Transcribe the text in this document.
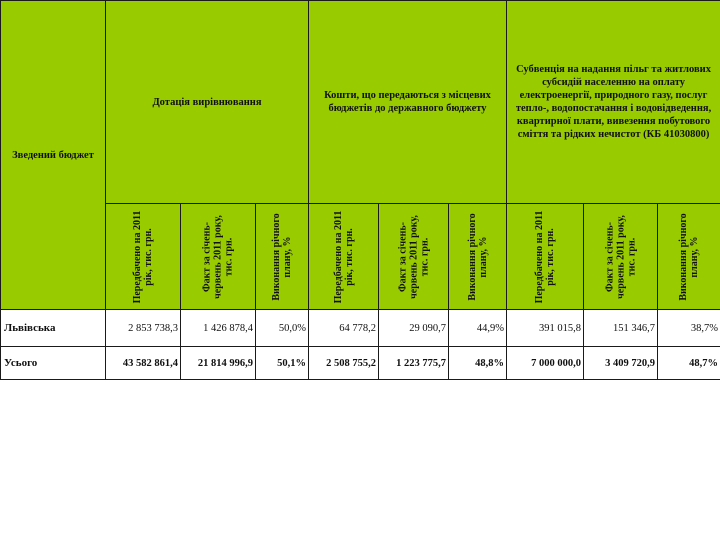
Зведений бюджет	Дотація вирівнювання			Кошти, що передаються з місцевих бюджетів до державного бюджету			Субвенція на надання пільг та житлових субсидій населенню на оплату електроенергії, природного газу, послуг тепло-, водопостачання і водовідведення, квартирної плати, вивезення побутового сміття та рідких нечистот (КБ 41030800)		

	Передбачено на 2011 рік, тис. грн.	Факт за січень-червень 2011 року, тис. грн.	Виконання річного плану, %	Передбачено на 2011 рік, тис. грн.	Факт за січень-червень 2011 року, тис. грн.	Виконання річного плану, %	Передбачено на 2011 рік, тис. грн.	Факт за січень-червень 2011 року, тис. грн.	Виконання річного плану, %

Львівська	2 853 738,3	1 426 878,4	50,0%	64 778,2	29 090,7	44,9%	391 015,8	151 346,7	38,7%
Усього	43 582 861,4	21 814 996,9	50,1%	2 508 755,2	1 223 775,7	48,8%	7 000 000,0	3 409 720,9	48,7%
